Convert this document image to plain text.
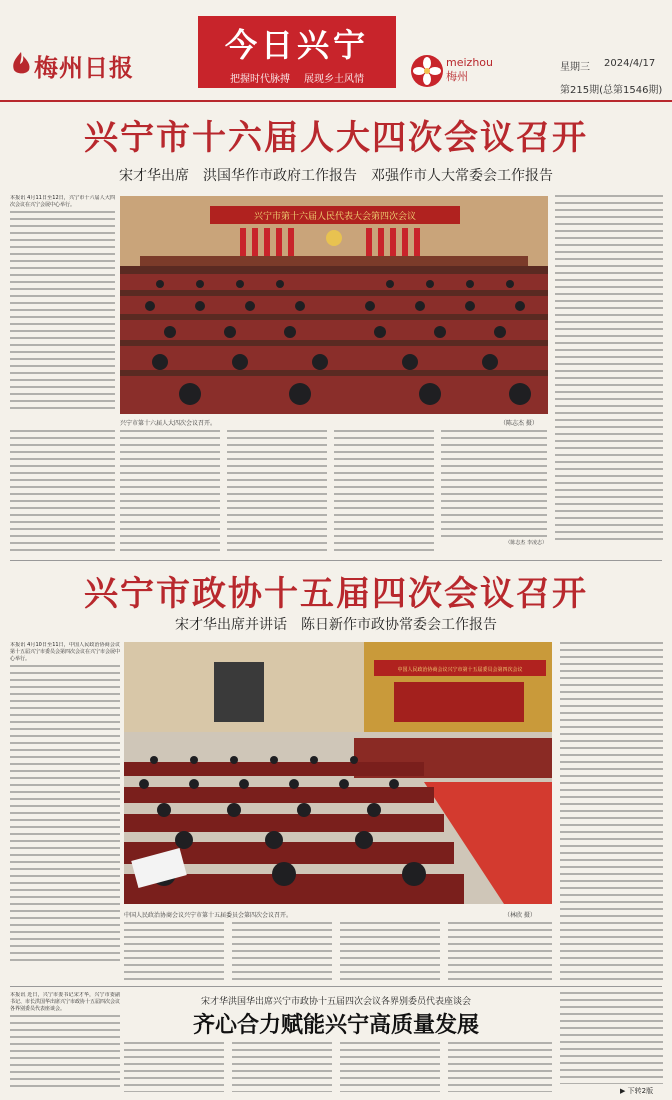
梅州日报
今日兴宁
把握时代脉搏 展现乡土风情
meizhou
梅州
星期三 2024/4/17
第215期(总第1546期)
兴宁市十六届人大四次会议召开
宋才华出席 洪国华作市政府工作报告 邓强作市人大常委会工作报告
本报讯 4月11日至12日，兴宁市十六届人大四次会议在兴宁会展中心举行。
兴宁市第十六届人民代表大会第四次会议
兴宁市第十六届人大四次会议召开。	（陈志杰 摄）
（陈志杰 李凌志）
兴宁市政协十五届四次会议召开
宋才华出席并讲话 陈日新作市政协常委会工作报告
本报讯 4月10日至11日，中国人民政治协商会议第十五届兴宁市委员会第四次会议在兴宁市会展中心举行。
中国人民政治协商会议兴宁市第十五届委员会第四次会议
中国人民政治协商会议兴宁市第十五届委员会第四次会议召开。	（林欣 摄）
本报讯 近日，兴宁市委书记宋才华，兴宁市委副书记、市长洪国华出席兴宁市政协十五届四次会议各界别委员代表座谈会。
宋才华洪国华出席兴宁市政协十五届四次会议各界别委员代表座谈会
齐心合力赋能兴宁高质量发展
▶ 下转2版
